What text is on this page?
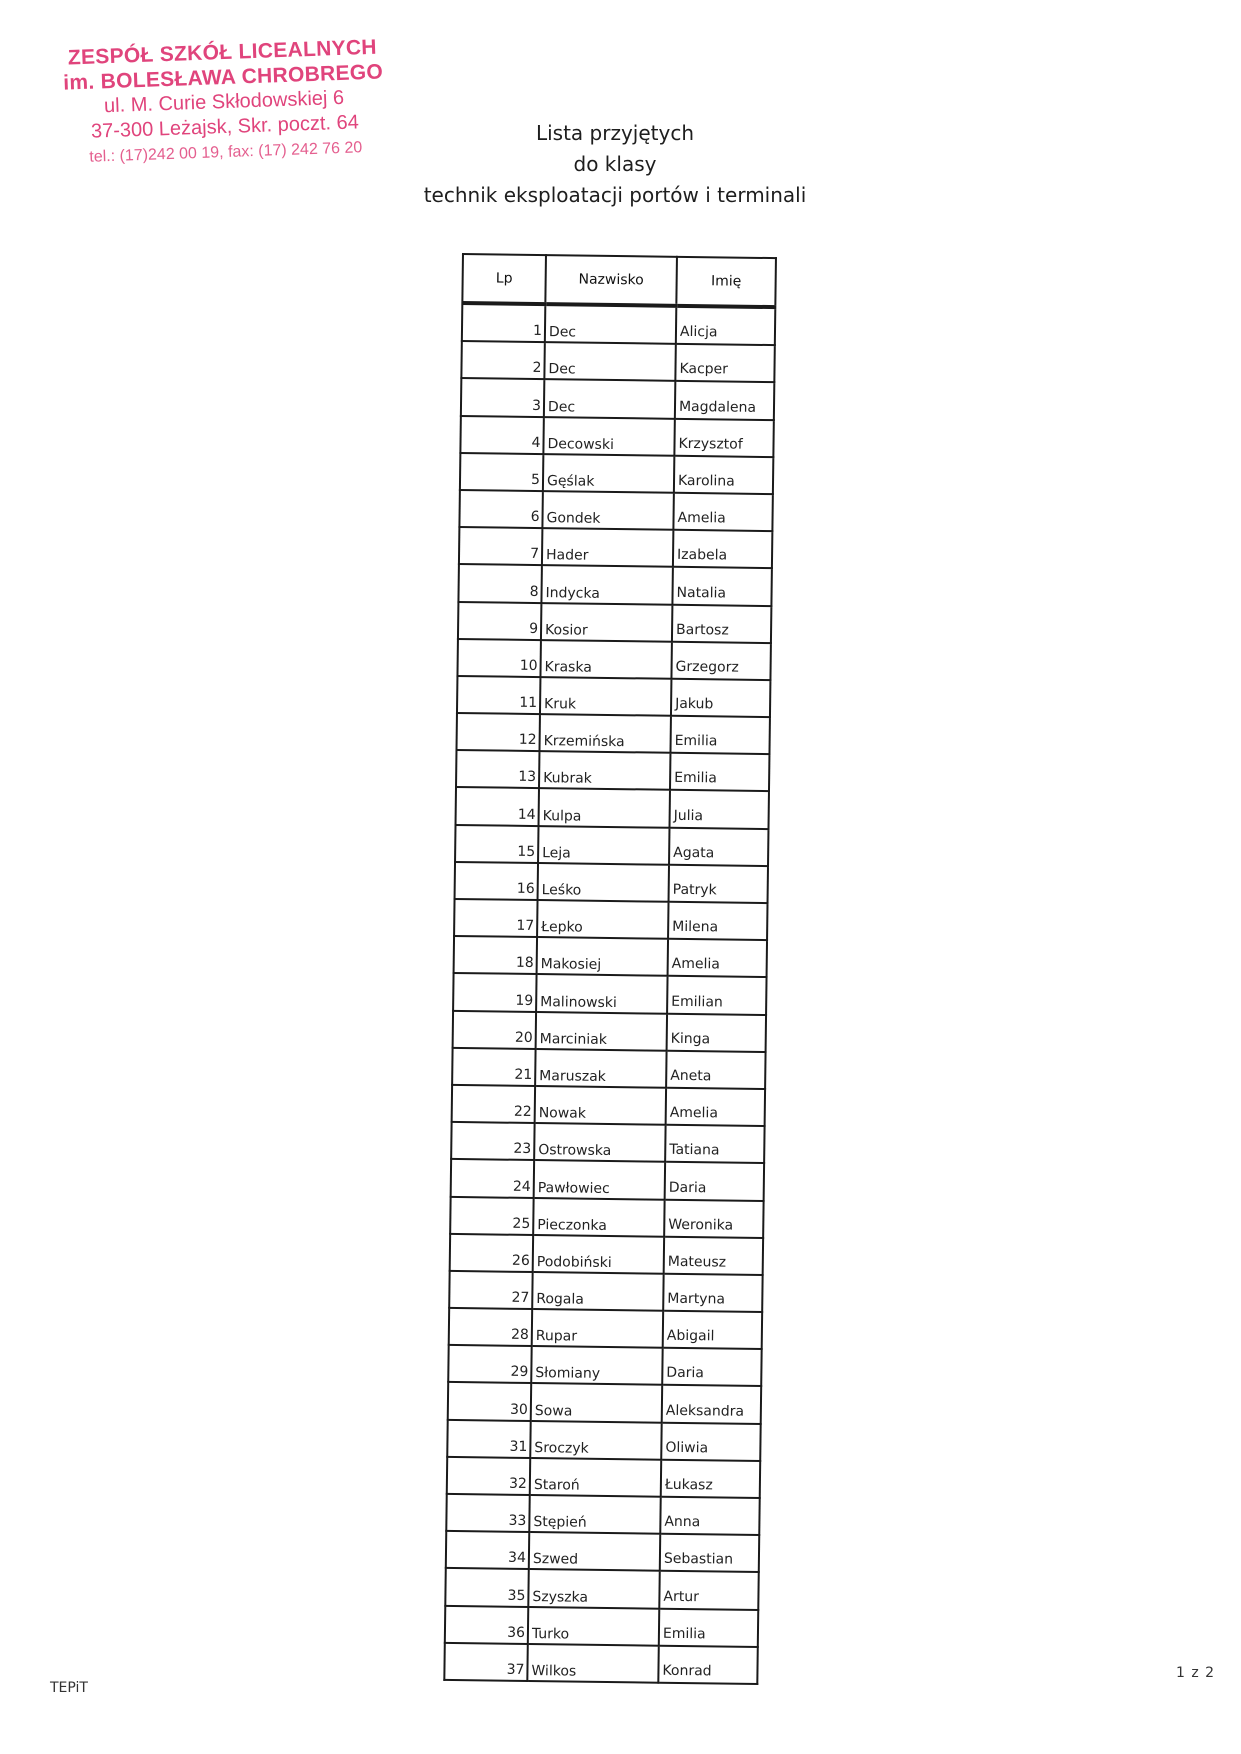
ZESPÓŁ SZKÓŁ LICEALNYCH
im. BOLESŁAWA CHROBREGO
ul. M. Curie Skłodowskiej 6
37-300 Leżajsk, Skr. poczt. 64
tel.: (17)242 00 19, fax: (17) 242 76 20
Lista przyjętych
do klasy
technik eksploatacji portów i terminali
Lp	Nazwisko	Imię
1	Dec	Alicja
2	Dec	Kacper
3	Dec	Magdalena
4	Decowski	Krzysztof
5	Gęślak	Karolina
6	Gondek	Amelia
7	Hader	Izabela
8	Indycka	Natalia
9	Kosior	Bartosz
10	Kraska	Grzegorz
11	Kruk	Jakub
12	Krzemińska	Emilia
13	Kubrak	Emilia
14	Kulpa	Julia
15	Leja	Agata
16	Leśko	Patryk
17	Łepko	Milena
18	Makosiej	Amelia
19	Malinowski	Emilian
20	Marciniak	Kinga
21	Maruszak	Aneta
22	Nowak	Amelia
23	Ostrowska	Tatiana
24	Pawłowiec	Daria
25	Pieczonka	Weronika
26	Podobiński	Mateusz
27	Rogala	Martyna
28	Rupar	Abigail
29	Słomiany	Daria
30	Sowa	Aleksandra
31	Sroczyk	Oliwia
32	Staroń	Łukasz
33	Stępień	Anna
34	Szwed	Sebastian
35	Szyszka	Artur
36	Turko	Emilia
37	Wilkos	Konrad
TEPiT
1 z 2
